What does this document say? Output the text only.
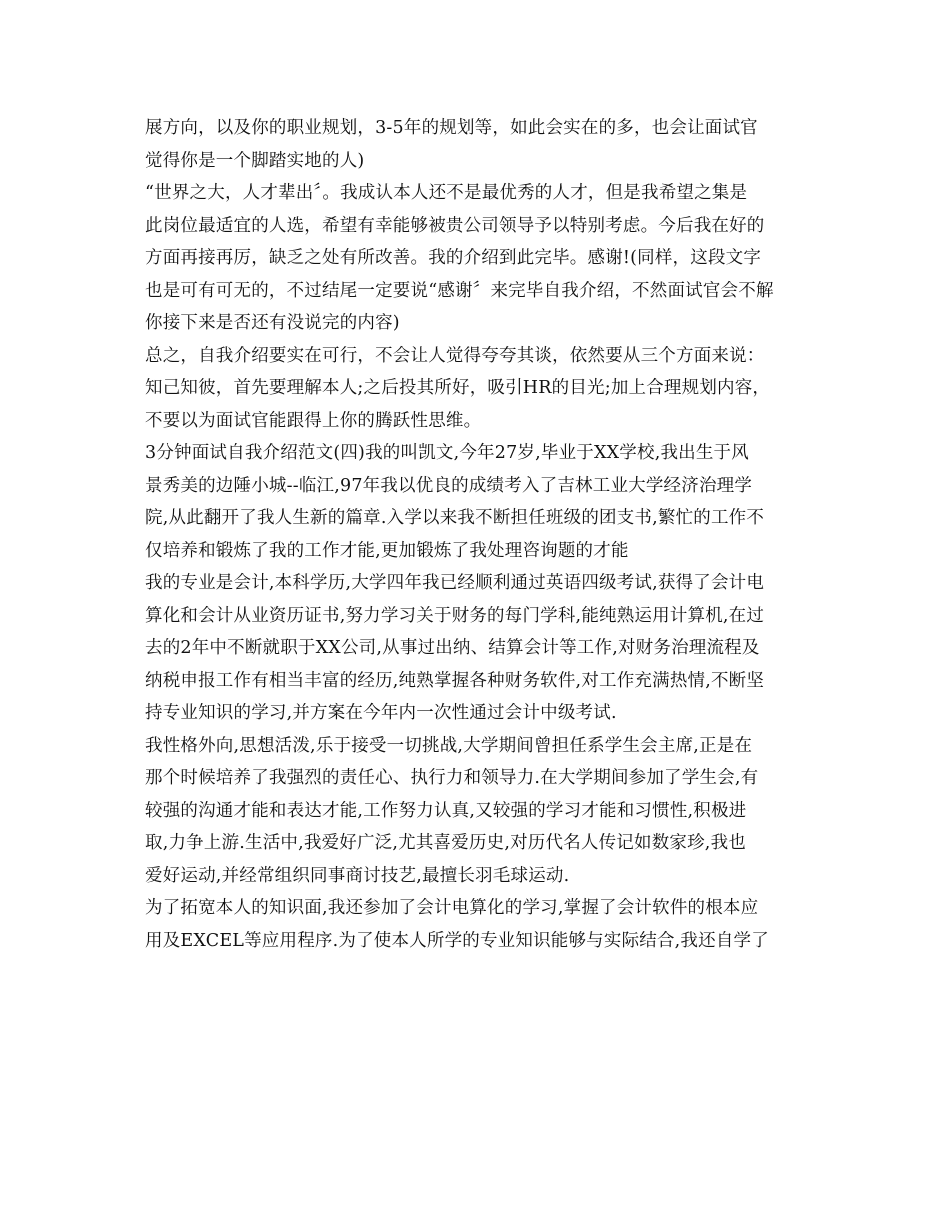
展方向，以及你的职业规划，3-5年的规划等，如此会实在的多，也会让面试官
觉得你是一个脚踏实地的人)
“世界之大，人才辈出〞。我成认本人还不是最优秀的人才，但是我希望之集是
此岗位最适宜的人选，希望有幸能够被贵公司领导予以特别考虑。今后我在好的
方面再接再厉，缺乏之处有所改善。我的介绍到此完毕。感谢!(同样，这段文字
也是可有可无的，不过结尾一定要说“感谢〞来完毕自我介绍，不然面试官会不解
你接下来是否还有没说完的内容)
总之，自我介绍要实在可行，不会让人觉得夸夸其谈，依然要从三个方面来说：
知己知彼，首先要理解本人;之后投其所好，吸引HR的目光;加上合理规划内容，
不要以为面试官能跟得上你的腾跃性思维。
3分钟面试自我介绍范文(四)我的叫凯文,今年27岁,毕业于XX学校,我出生于风
景秀美的边陲小城--临江,97年我以优良的成绩考入了吉林工业大学经济治理学
院,从此翻开了我人生新的篇章.入学以来我不断担任班级的团支书,繁忙的工作不
仅培养和锻炼了我的工作才能,更加锻炼了我处理咨询题的才能
我的专业是会计,本科学历,大学四年我已经顺利通过英语四级考试,获得了会计电
算化和会计从业资历证书,努力学习关于财务的每门学科,能纯熟运用计算机,在过
去的2年中不断就职于XX公司,从事过出纳、结算会计等工作,对财务治理流程及
纳税申报工作有相当丰富的经历,纯熟掌握各种财务软件,对工作充满热情,不断坚
持专业知识的学习,并方案在今年内一次性通过会计中级考试.
我性格外向,思想活泼,乐于接受一切挑战,大学期间曾担任系学生会主席,正是在
那个时候培养了我强烈的责任心、执行力和领导力.在大学期间参加了学生会,有
较强的沟通才能和表达才能,工作努力认真,又较强的学习才能和习惯性,积极进
取,力争上游.生活中,我爱好广泛,尤其喜爱历史,对历代名人传记如数家珍,我也
爱好运动,并经常组织同事商讨技艺,最擅长羽毛球运动.
为了拓宽本人的知识面,我还参加了会计电算化的学习,掌握了会计软件的根本应
用及EXCEL等应用程序.为了使本人所学的专业知识能够与实际结合,我还自学了
